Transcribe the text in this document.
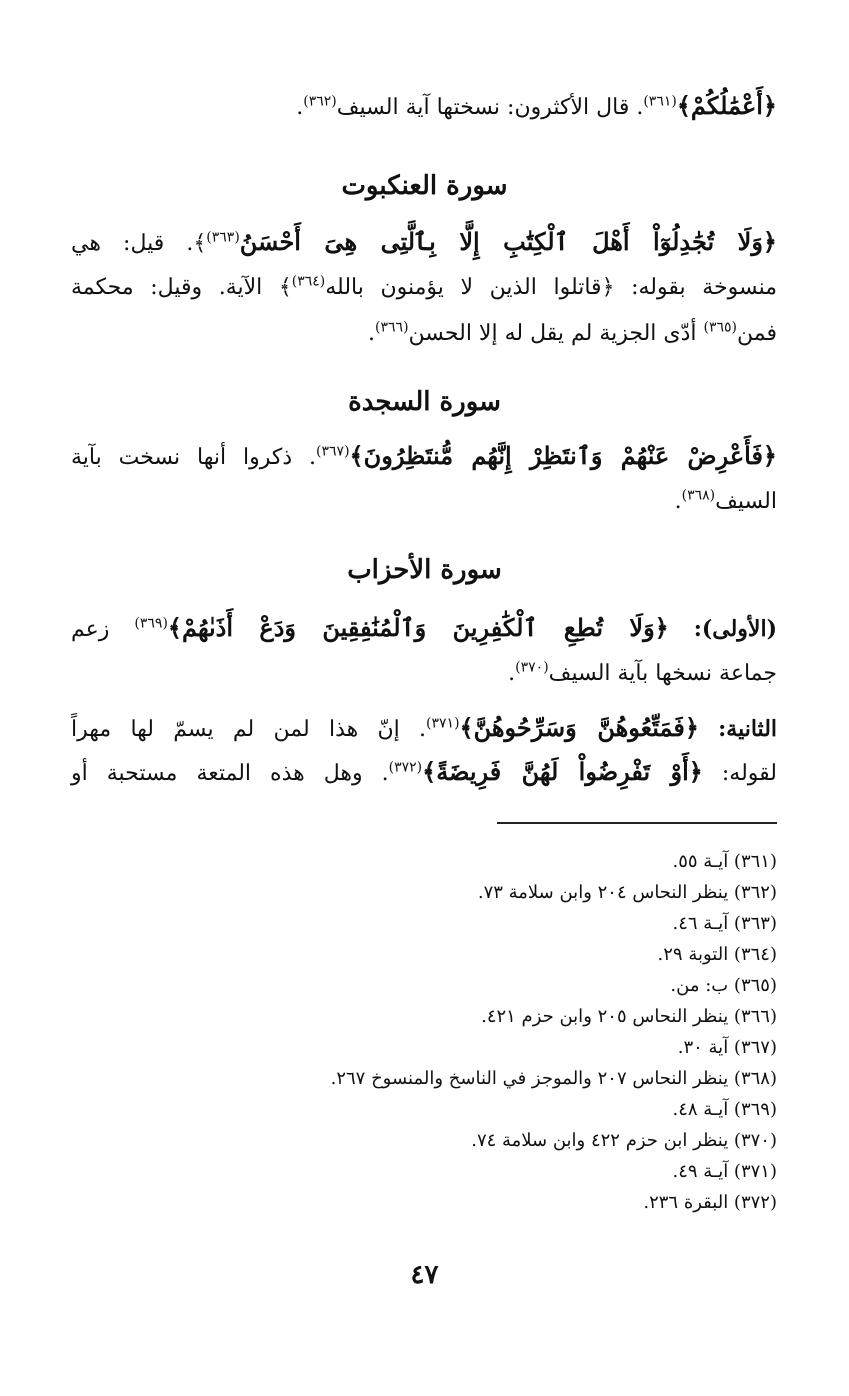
﴿أَعْمَٰلُكُمْ﴾$^{(٣٦١)}$. قال الأكثرون: نسختها آية السيف$^{(٣٦٢)}$.
سورة العنكبوت
﴿وَلَا تُجَٰدِلُوٓاْ أَهْلَ ٱلْكِتَٰبِ إِلَّا بِٱلَّتِى هِىَ أَحْسَنُ$^{(٣٦٣)}$﴾. قيل: هي
منسوخة بقوله: ﴿قاتلوا الذين لا يؤمنون بالله$^{(٣٦٤)}$﴾ الآية. وقيل: محكمة
فمن$^{(٣٦٥)}$ أدّى الجزية لم يقل له إلا الحسن$^{(٣٦٦)}$.
سورة السجدة
﴿فَأَعْرِضْ عَنْهُمْ وَٱنتَظِرْ إِنَّهُم مُّنتَظِرُونَ﴾$^{(٣٦٧)}$. ذكروا أنها نسخت بآية
السيف$^{(٣٦٨)}$.
سورة الأحزاب
(الأولى): ﴿وَلَا تُطِعِ ٱلْكَٰفِرِينَ وَٱلْمُنَٰفِقِينَ وَدَعْ أَذَىٰهُمْ﴾$^{(٣٦٩)}$ زعم
جماعة نسخها بآية السيف$^{(٣٧٠)}$.
الثانية: ﴿فَمَتِّعُوهُنَّ وَسَرِّحُوهُنَّ﴾$^{(٣٧١)}$. إنّ هذا لمن لم يسمّ لها مهراً
لقوله: ﴿أَوْ تَفْرِضُواْ لَهُنَّ فَرِيضَةً﴾$^{(٣٧٢)}$. وهل هذه المتعة مستحبة أو
(٣٦١) آيـة ٥٥.
(٣٦٢) ينظر النحاس ٢٠٤ وابن سلامة ٧٣.
(٣٦٣) آيـة ٤٦.
(٣٦٤) التوبة ٢٩.
(٣٦٥) ب: من.
(٣٦٦) ينظر النحاس ٢٠٥ وابن حزم ٤٢١.
(٣٦٧) آية ٣٠.
(٣٦٨) ينظر النحاس ٢٠٧ والموجز في الناسخ والمنسوخ ٢٦٧.
(٣٦٩) آيـة ٤٨.
(٣٧٠) ينظر ابن حزم ٤٢٢ وابن سلامة ٧٤.
(٣٧١) آيـة ٤٩.
(٣٧٢) البقرة ٢٣٦.
٤٧
